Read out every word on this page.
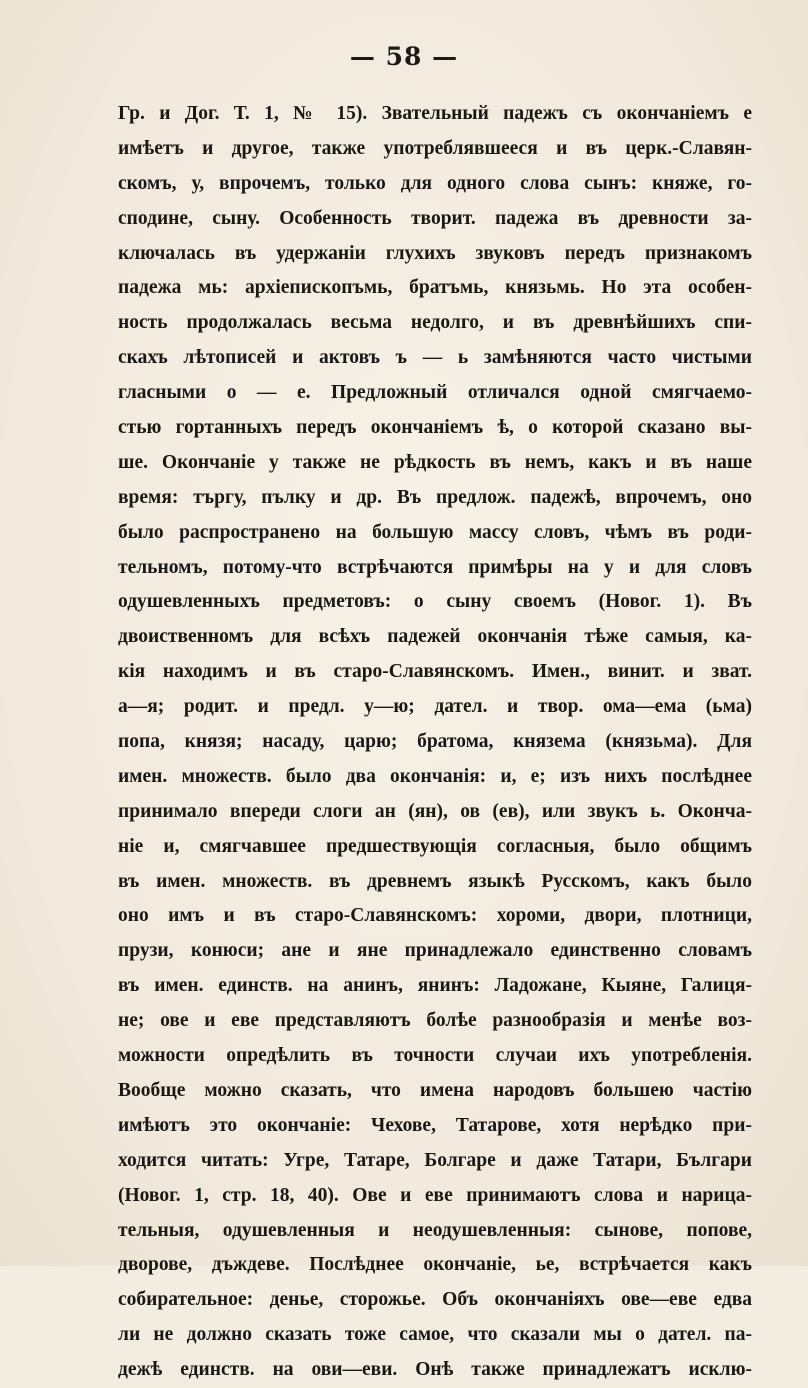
— 58 —
Гр. и Дог. Т. 1, № 15). Звательный падежъ съ окончаніемъ е
имѣетъ и другое, также употреблявшееся и въ церк.-Славян-
скомъ, у, впрочемъ, только для одного слова сынъ: княже, го-
сподине, сыну. Особенность творит. падежа въ древности за-
ключалась въ удержаніи глухихъ звуковъ передъ признакомъ
падежа мь: архіепископъмь, братъмь, князьмь. Но эта особен-
ность продолжалась весьма недолго, и въ древнѣйшихъ спи-
скахъ лѣтописей и актовъ ъ — ь замѣняются часто чистыми
гласными о — е. Предложный отличался одной смягчаемо-
стью гортанныхъ передъ окончаніемъ ѣ, о которой сказано вы-
ше. Окончаніе у также не рѣдкость въ немъ, какъ и въ наше
время: търгу, пълку и др. Въ предлож. падежѣ, впрочемъ, оно
было распространено на большую массу словъ, чѣмъ въ роди-
тельномъ, потому-что встрѣчаются примѣры на у и для словъ
одушевленныхъ предметовъ: о сыну своемъ (Новог. 1). Въ
двоиственномъ для всѣхъ падежей окончанія тѣже самыя, ка-
кія находимъ и въ старо-Славянскомъ. Имен., винит. и зват.
а—я; родит. и предл. у—ю; дател. и твор. ома—ема (ьма)
попа, князя; насаду, царю; братома, княземa (князьма). Для
имен. множеств. было два окончанія: и, е; изъ нихъ послѣднее
принимало впереди слоги ан (ян), ов (ев), или звукъ ь. Оконча-
ніе и, смягчавшее предшествующія согласныя, было общимъ
въ имен. множеств. въ древнемъ языкѣ Русскомъ, какъ было
оно имъ и въ старо-Славянскомъ: хороми, двори, плотници,
прузи, конюси; ане и яне принадлежало единственно словамъ
въ имен. единств. на анинъ, янинъ: Ладожане, Кыяне, Галиця-
не; ове и еве представляютъ болѣе разнообразія и менѣе воз-
можности опредѣлить въ точности случаи ихъ употребленія.
Вообще можно сказать, что имена народовъ большею частію
имѣютъ это окончаніе: Чехове, Татарове, хотя нерѣдко при-
ходится читать: Угре, Татаре, Болгаре и даже Татари, Българи
(Новог. 1, стр. 18, 40). Ове и еве принимаютъ слова и нарица-
тельныя, одушевленныя и неодушевленныя: сынове, попове,
дворове, дъждеве. Послѣднее окончаніе, ье, встрѣчается какъ
собирательное: денье, сторожье. Объ окончаніяхъ ове—еве едва
ли не должно сказать тоже самое, что сказали мы о дател. па-
дежѣ единств. на ови—еви. Онѣ также принадлежатъ исклю-
